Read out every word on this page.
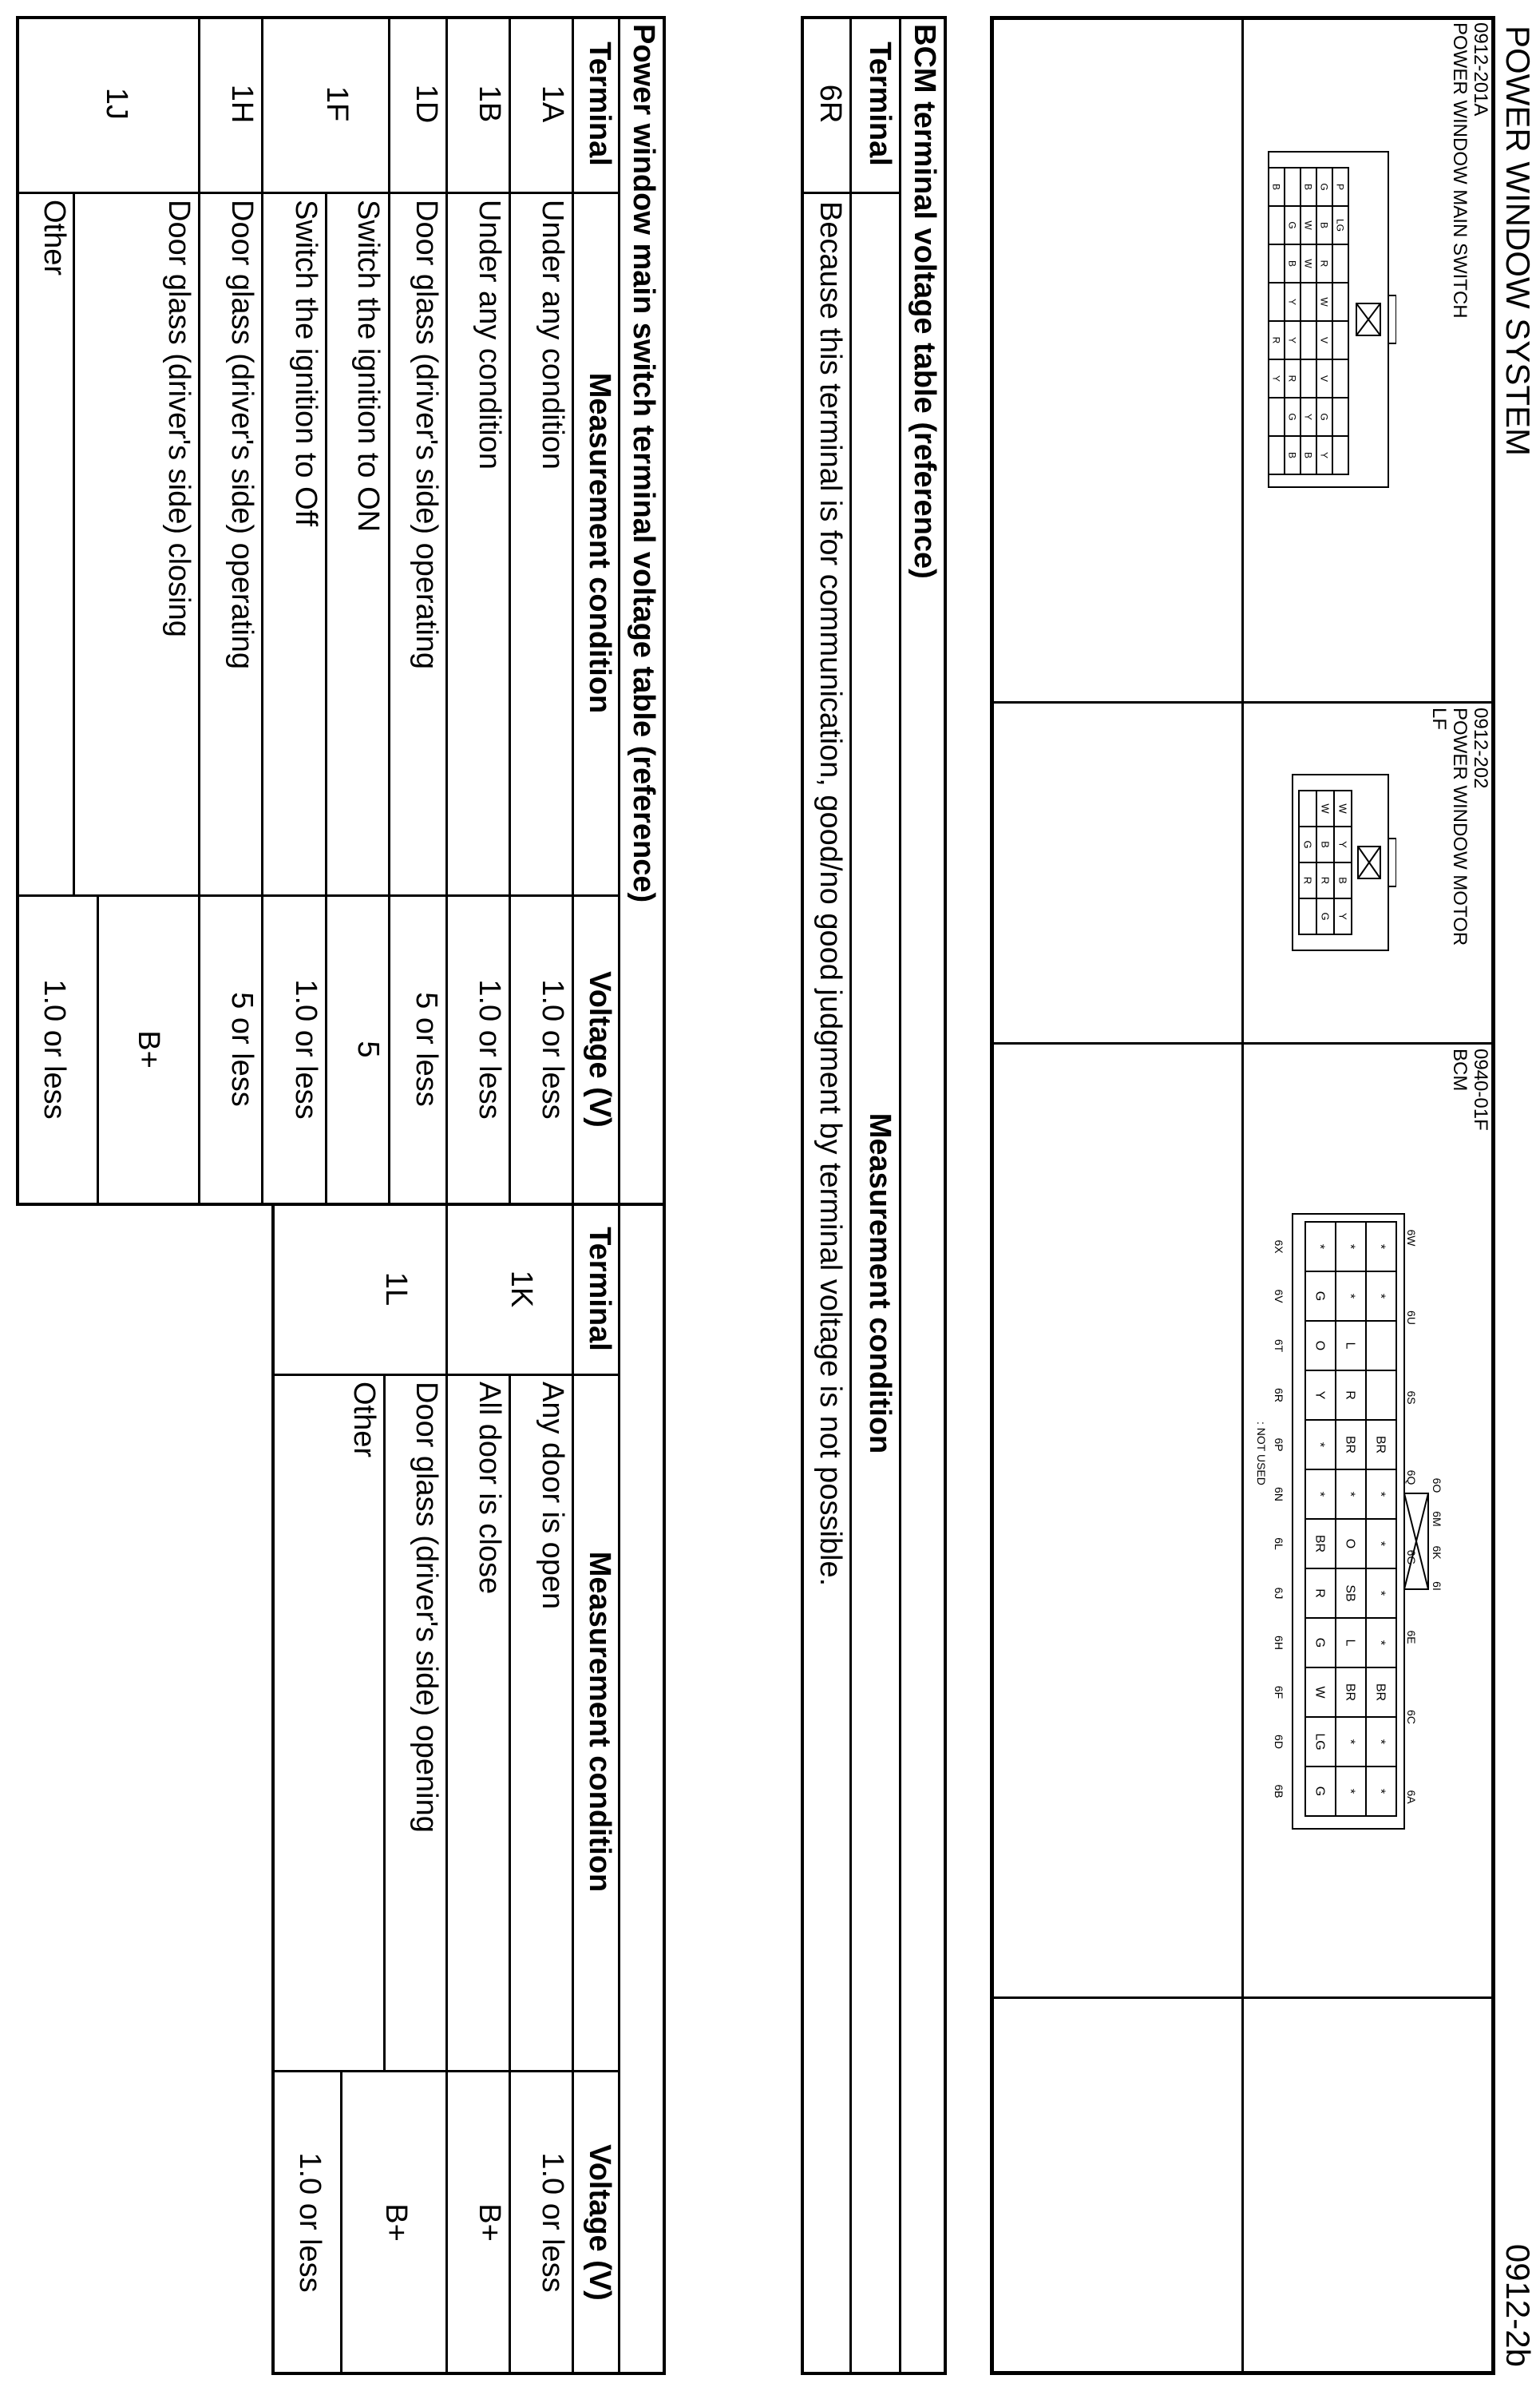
POWER WINDOW SYSTEM
0912-2b
0912-201A
POWER WINDOW MAIN SWITCH
P
LG
G
B
R
W
V
V
G
Y
B
W
W
Y
B
G
B
Y
Y
R
G
B
B
R
Y
0912-202
POWER WINDOW MOTOR
LF
W
Y
B
Y
W
B
R
G
G
R
0940-01F
BCM
6O
6M
6K
6I
6W
6U
6S
6Q
6G
6E
6C
6A
*
*
BR
*
*
*
*
BR
*
*
*
*
L
R
BR
*
O
SB
L
BR
*
*
*
G
O
Y
*
*
BR
R
G
W
LG
G
6X
6V
6T
6R
6P
6N
6L
6J
6H
6F
6D
6B
: NOT USED
BCM terminal voltage table (reference)
Terminal
Measurement condition
6R
Because this terminal is for communication, good/no good judgment by terminal voltage is not possible.
Power window main switch terminal voltage table (reference)
Terminal
Measurement condition
Voltage (V)
Terminal
Measurement condition
Voltage (V)
1A
Under any condition
1.0 or less
1B
Under any condition
1.0 or less
1D
Door glass (driver's side) operating
5 or less
1F
Switch the ignition to ON
5
Switch the ignition to Off
1.0 or less
1H
Door glass (driver's side) operating
5 or less
1J
Door glass (driver's side) closing
B+
Other
1.0 or less
1K
Any door is open
1.0 or less
All door is close
B+
1L
Door glass (driver's side) opening
B+
Other
1.0 or less
